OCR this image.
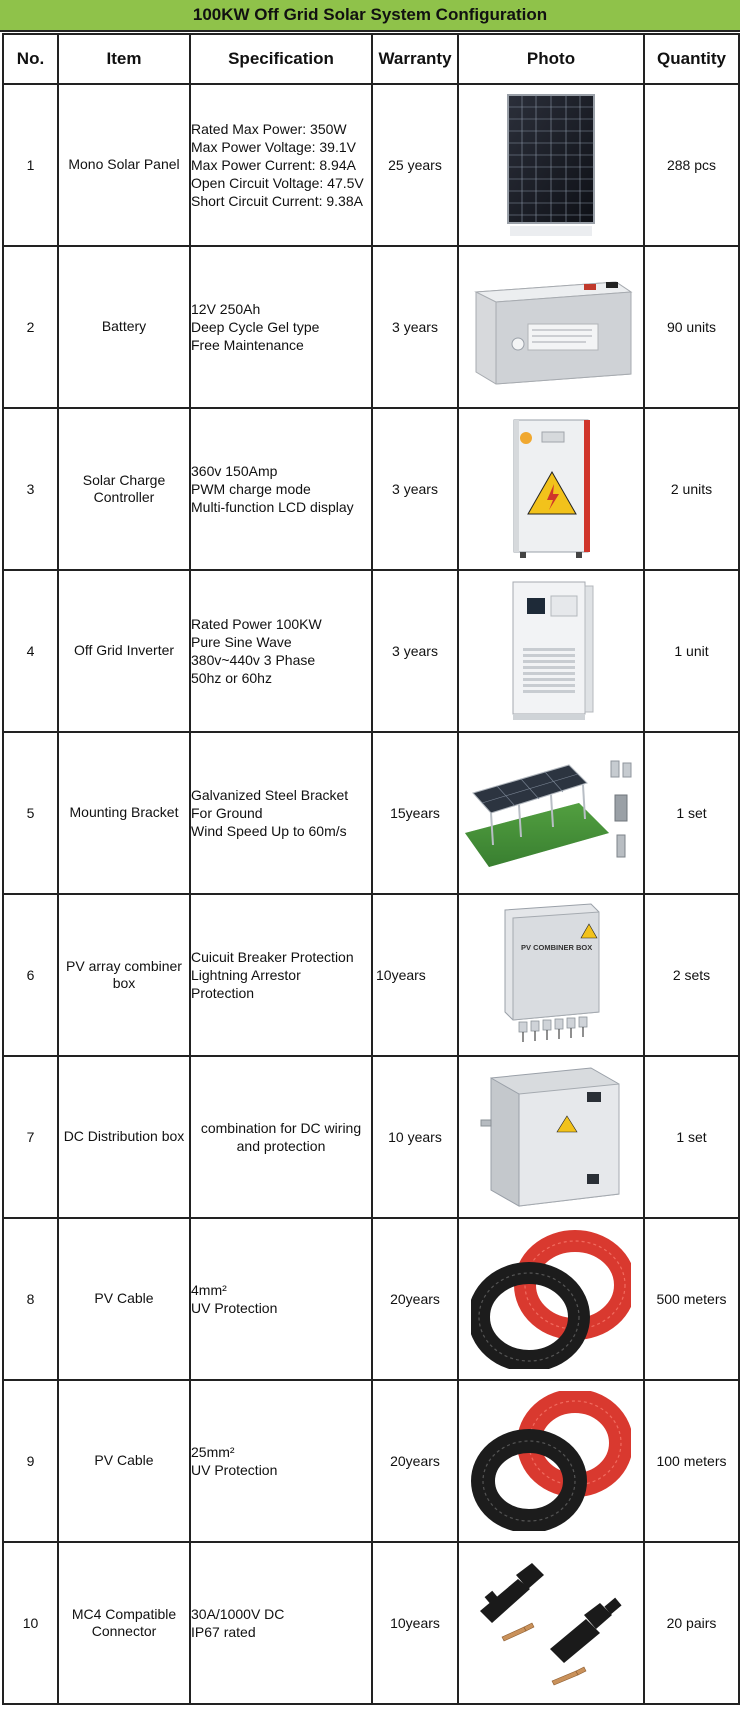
100KW Off Grid Solar System Configuration
No.	Item	Specification	Warranty	Photo	Quantity
1	Mono Solar Panel	Rated Max Power: 350W
Max Power Voltage: 39.1V
Max Power Current: 8.94A
Open Circuit Voltage: 47.5V
Short Circuit Current: 9.38A	25 years		288 pcs
2	Battery	12V 250Ah
Deep Cycle Gel type
Free Maintenance	3 years		90 units
3	Solar Charge Controller	360v 150Amp
PWM charge mode
Multi-function LCD display	3 years		2 units
4	Off Grid Inverter	Rated Power 100KW
Pure Sine Wave
380v~440v 3 Phase
50hz or 60hz	3 years		1 unit
5	Mounting Bracket	Galvanized Steel Bracket
For Ground
Wind Speed Up to 60m/s	15years		1 set
6	PV array combiner box	Cuicuit Breaker Protection
Lightning Arrestor
Protection	10years	PV COMBINER BOX	2 sets
7	DC Distribution box	combination for DC wiring
and protection	10 years		1 set
8	PV Cable	4mm²
UV Protection	20years		500 meters
9	PV Cable	25mm²
UV Protection	20years		100 meters
10	MC4 Compatible Connector	30A/1000V DC
IP67 rated	10years		20 pairs
